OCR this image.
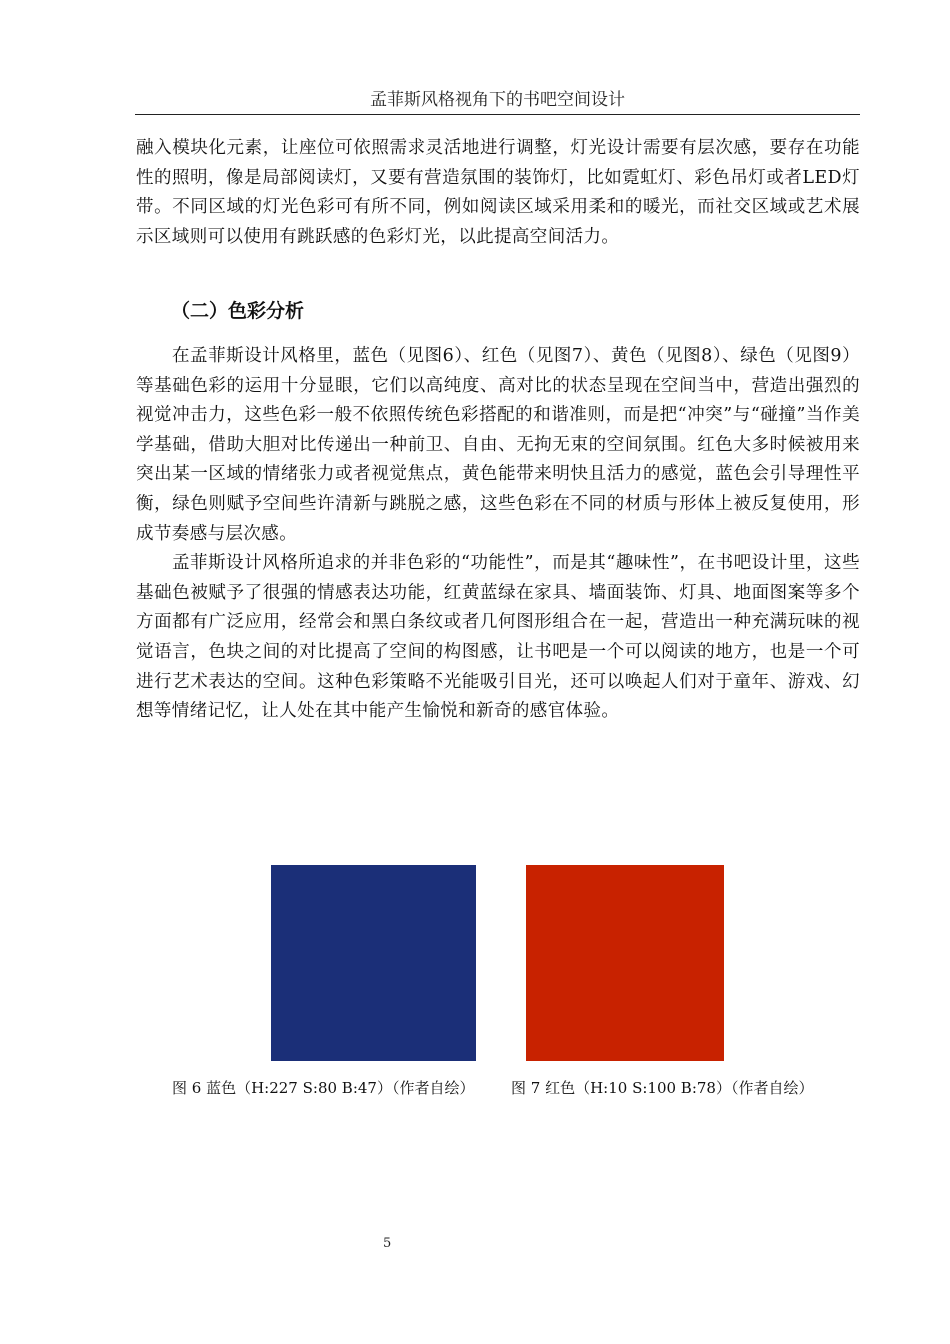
孟菲斯风格视角下的书吧空间设计

融入模块化元素，让座位可依照需求灵活地进行调整，灯光设计需要有层次感，要存在功能性的照明，像是局部阅读灯，又要有营造氛围的装饰灯，比如霓虹灯、彩色吊灯或者LED灯带。不同区域的灯光色彩可有所不同，例如阅读区域采用柔和的暖光，而社交区域或艺术展示区域则可以使用有跳跃感的色彩灯光，以此提高空间活力。

（二）色彩分析

在孟菲斯设计风格里，蓝色（见图6）、红色（见图7）、黄色（见图8）、绿色（见图9）等基础色彩的运用十分显眼，它们以高纯度、高对比的状态呈现在空间当中，营造出强烈的视觉冲击力，这些色彩一般不依照传统色彩搭配的和谐准则，而是把“冲突”与“碰撞”当作美学基础，借助大胆对比传递出一种前卫、自由、无拘无束的空间氛围。红色大多时候被用来突出某一区域的情绪张力或者视觉焦点，黄色能带来明快且活力的感觉，蓝色会引导理性平衡，绿色则赋予空间些许清新与跳脱之感，这些色彩在不同的材质与形体上被反复使用，形成节奏感与层次感。

孟菲斯设计风格所追求的并非色彩的“功能性”，而是其“趣味性”，在书吧设计里，这些基础色被赋予了很强的情感表达功能，红黄蓝绿在家具、墙面装饰、灯具、地面图案等多个方面都有广泛应用，经常会和黑白条纹或者几何图形组合在一起，营造出一种充满玩味的视觉语言，色块之间的对比提高了空间的构图感，让书吧是一个可以阅读的地方，也是一个可进行艺术表达的空间。这种色彩策略不光能吸引目光，还可以唤起人们对于童年、游戏、幻想等情绪记忆，让人处在其中能产生愉悦和新奇的感官体验。

图 6 蓝色（H:227 S:80 B:47）（作者自绘） 图 7 红色（H:10 S:100 B:78）（作者自绘）
5
